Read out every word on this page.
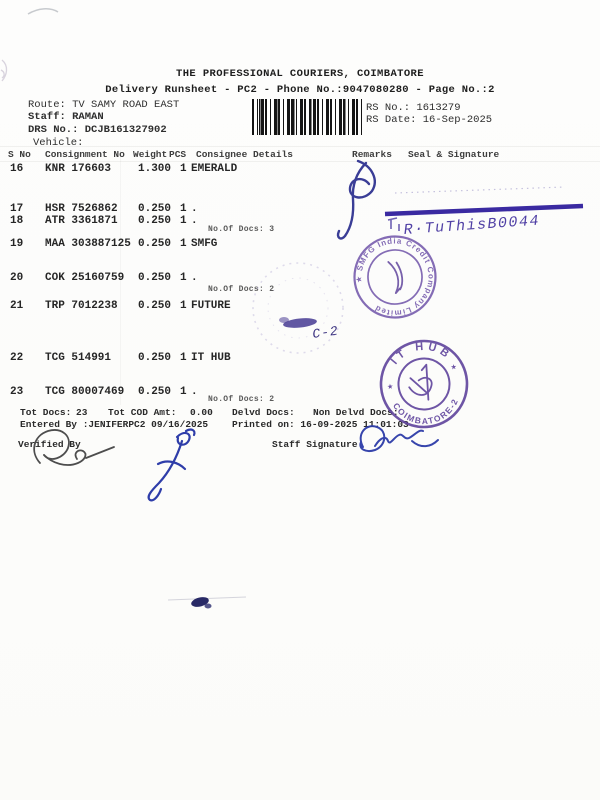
THE PROFESSIONAL COURIERS, COIMBATORE
Delivery Runsheet - PC2 - Phone No.:9047080280 - Page No.:2
Route: TV SAMY ROAD EAST
Staff: RAMAN
DRS No.: DCJB161327902
Vehicle:
RS No.: 1613279
RS Date: 16-Sep-2025
S No Consignment No Weight PCS Consignee Details	Remarks Seal & Signature
16 KNR 176603 1.300 1 EMERALD
17 HSR 7526862 0.250 1 .
18 ATR 3361871 0.250 1 .
No.Of Docs: 3
19 MAA 303887125 0.250 1 SMFG
20 COK 25160759 0.250 1 .
No.Of Docs: 2
21 TRP 7012238 0.250 1 FUTURE
22 TCG 514991 0.250 1 IT HUB
23 TCG 80007469 0.250 1 .
No.Of Docs: 2
Tot Docs: 23 Tot COD Amt: 0.00 Delvd Docs: Non Delvd Docs:
Entered By :JENIFERPC2 09/16/2025	Printed on: 16-09-2025 11:01:03
Verified By	Staff Signature
C-2
★ SMFG India Credit Company Limited
IT HUB
COIMBATORE-2
★
★
R·TuThisB0044
